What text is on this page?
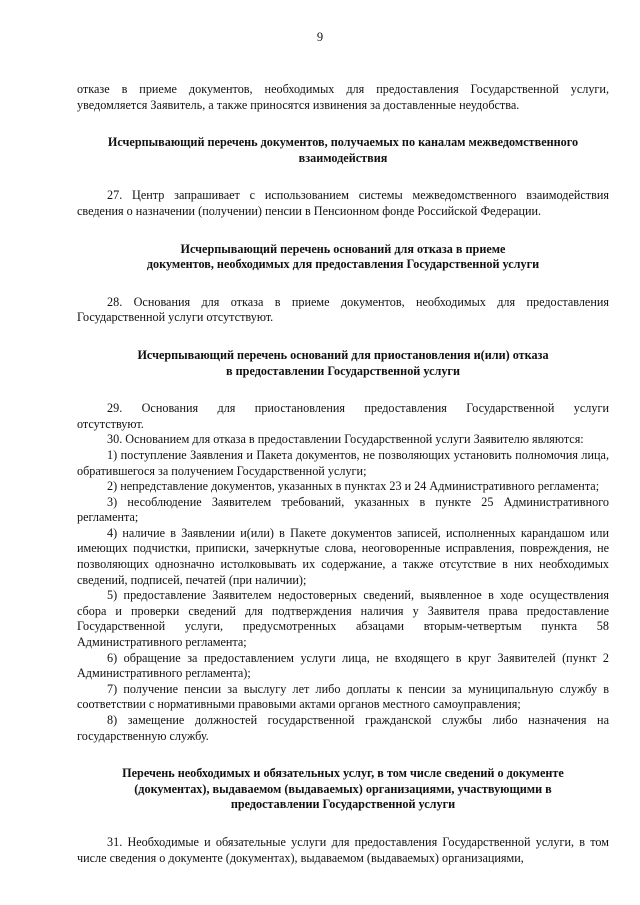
9

отказе в приеме документов, необходимых для предоставления Государственной услуги, уведомляется Заявитель, а также приносятся извинения за доставленные неудобства.

Исчерпывающий перечень документов, получаемых по каналам межведомственного

взаимодействия

27. Центр запрашивает с использованием системы межведомственного взаимодействия сведения о назначении (получении) пенсии в Пенсионном фонде Российской Федерации.

Исчерпывающий перечень оснований для отказа в приеме

документов, необходимых для предоставления Государственной услуги

28. Основания для отказа в приеме документов, необходимых для предоставления Государственной услуги отсутствуют.

Исчерпывающий перечень оснований для приостановления и(или) отказа

в предоставлении Государственной услуги

29. Основания для приостановления предоставления Государственной услуги

отсутствуют.

30. Основанием для отказа в предоставлении Государственной услуги Заявителю являются:

1) поступление Заявления и Пакета документов, не позволяющих установить полномочия лица, обратившегося за получением Государственной услуги;

2) непредставление документов, указанных в пунктах 23 и 24 Административного регламента;

3) несоблюдение Заявителем требований, указанных в пункте 25 Административного регламента;

4) наличие в Заявлении и(или) в Пакете документов записей, исполненных карандашом или имеющих подчистки, приписки, зачеркнутые слова, неоговоренные исправления, повреждения, не позволяющих однозначно истолковывать их содержание, а также отсутствие в них необходимых сведений, подписей, печатей (при наличии);

5) предоставление Заявителем недостоверных сведений, выявленное в ходе осуществления сбора и проверки сведений для подтверждения наличия у Заявителя права предоставление Государственной услуги, предусмотренных абзацами вторым-четвертым пункта 58 Административного регламента;

6) обращение за предоставлением услуги лица, не входящего в круг Заявителей (пункт 2 Административного регламента);

7) получение пенсии за выслугу лет либо доплаты к пенсии за муниципальную службу в соответствии с нормативными правовыми актами органов местного самоуправления;

8) замещение должностей государственной гражданской службы либо назначения на государственную службу.

Перечень необходимых и обязательных услуг, в том числе сведений о документе

(документах), выдаваемом (выдаваемых) организациями, участвующими в

предоставлении Государственной услуги

31. Необходимые и обязательные услуги для предоставления Государственной услуги, в том числе сведения о документе (документах), выдаваемом (выдаваемых) организациями,
